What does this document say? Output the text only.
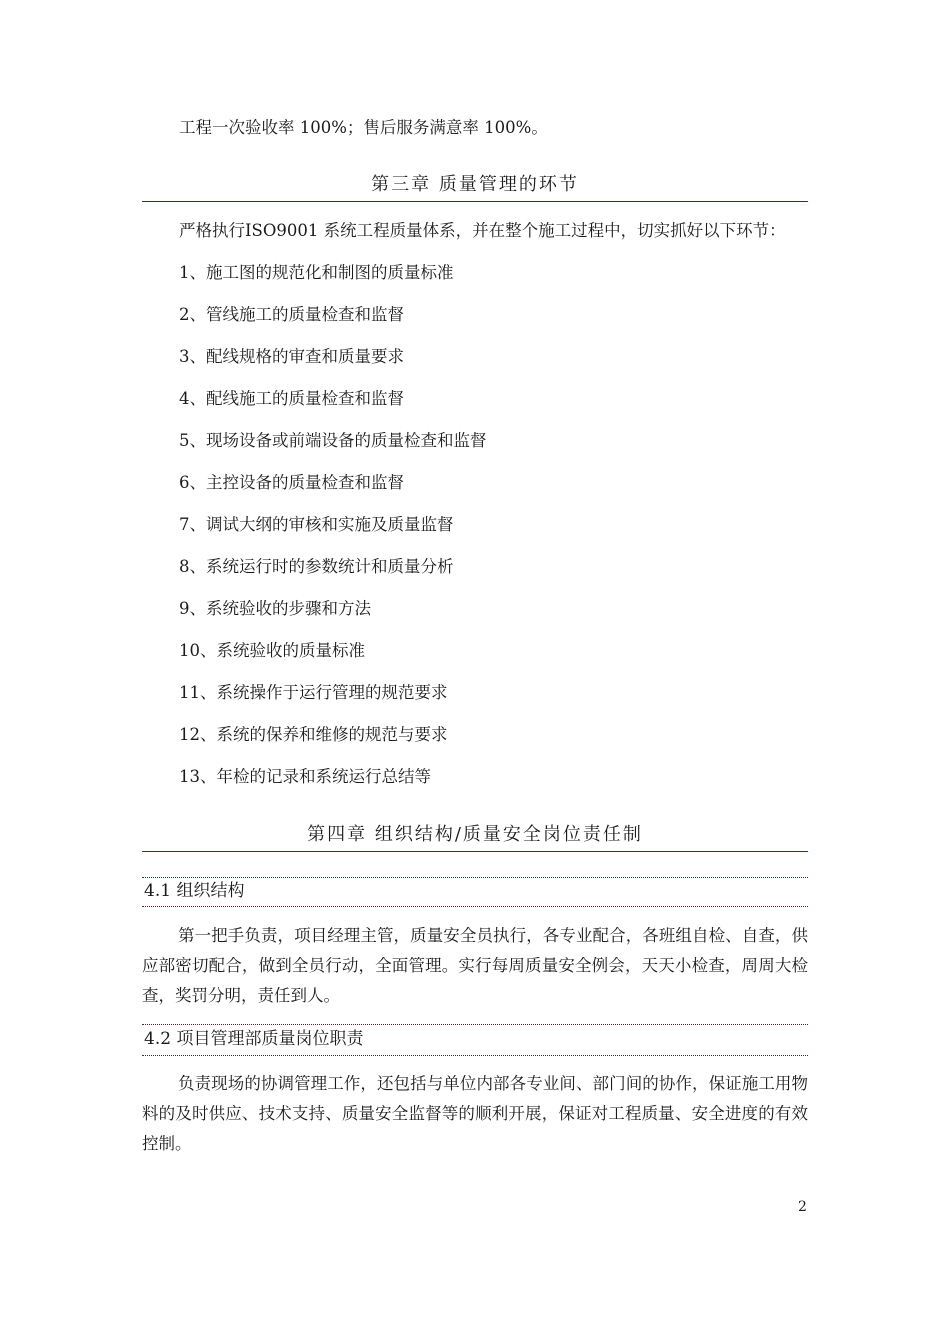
工程一次验收率 100%；售后服务满意率 100%。
第三章 质量管理的环节
严格执行ISO9001 系统工程质量体系，并在整个施工过程中，切实抓好以下环节：
1、施工图的规范化和制图的质量标准
2、管线施工的质量检查和监督
3、配线规格的审查和质量要求
4、配线施工的质量检查和监督
5、现场设备或前端设备的质量检查和监督
6、主控设备的质量检查和监督
7、调试大纲的审核和实施及质量监督
8、系统运行时的参数统计和质量分析
9、系统验收的步骤和方法
10、系统验收的质量标准
11、系统操作于运行管理的规范要求
12、系统的保养和维修的规范与要求
13、年检的记录和系统运行总结等
第四章 组织结构/质量安全岗位责任制
4.1 组织结构
第一把手负责，项目经理主管，质量安全员执行，各专业配合，各班组自检、自查，供应部密切配合，做到全员行动，全面管理。实行每周质量安全例会，天天小检查，周周大检查，奖罚分明，责任到人。
4.2 项目管理部质量岗位职责
负责现场的协调管理工作，还包括与单位内部各专业间、部门间的协作，保证施工用物料的及时供应、技术支持、质量安全监督等的顺利开展，保证对工程质量、安全进度的有效控制。
2
